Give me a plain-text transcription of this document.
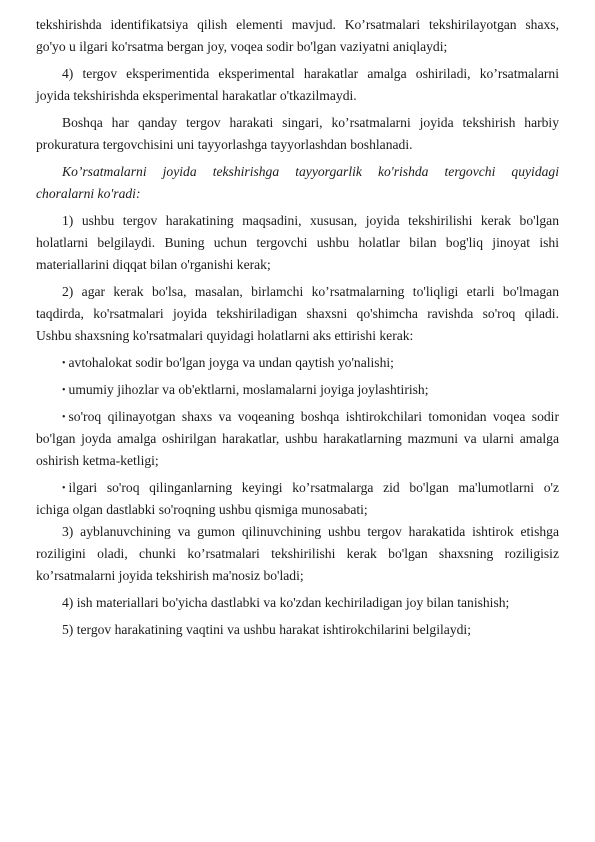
tekshirishda identifikatsiya qilish elementi mavjud. Ko’rsatmalari tekshirilayotgan shaxs,
go'yo u ilgari ko'rsatma bergan joy, voqea sodir bo'lgan vaziyatni aniqlaydi;
4) tergov eksperimentida eksperimental harakatlar amalga oshiriladi, ko’rsatmalarni
joyida tekshirishda eksperimental harakatlar o'tkazilmaydi.
Boshqa har qanday tergov harakati singari, ko’rsatmalarni joyida tekshirish harbiy
prokuratura tergovchisini uni tayyorlashga tayyorlashdan boshlanadi.
Ko’rsatmalarni joyida tekshirishga tayyorgarlik ko'rishda tergovchi quyidagi
choralarni ko'radi:
1) ushbu tergov harakatining maqsadini, xususan, joyida tekshirilishi kerak bo'lgan
holatlarni belgilaydi. Buning uchun tergovchi ushbu holatlar bilan bog'liq jinoyat ishi
materiallarini diqqat bilan o'rganishi kerak;
2) agar kerak bo'lsa, masalan, birlamchi ko’rsatmalarning to'liqligi etarli bo'lmagan
taqdirda, ko'rsatmalari joyida tekshiriladigan shaxsni qo'shimcha ravishda so'roq qiladi.
Ushbu shaxsning ko'rsatmalari quyidagi holatlarni aks ettirishi kerak:
• avtohalokat sodir bo'lgan joyga va undan qaytish yo'nalishi;
• umumiy jihozlar va ob'ektlarni, moslamalarni joyiga joylashtirish;
• so'roq qilinayotgan shaxs va voqeaning boshqa ishtirokchilari tomonidan voqea sodir
bo'lgan joyda amalga oshirilgan harakatlar, ushbu harakatlarning mazmuni va ularni amalga
oshirish ketma-ketligi;
• ilgari so'roq qilinganlarning keyingi ko’rsatmalarga zid bo'lgan ma'lumotlarni o'z
ichiga olgan dastlabki so'roqning ushbu qismiga munosabati;
3) ayblanuvchining va gumon qilinuvchining ushbu tergov harakatida ishtirok etishga
roziligini oladi, chunki ko’rsatmalari tekshirilishi kerak bo'lgan shaxsning roziligisiz
ko’rsatmalarni joyida tekshirish ma'nosiz bo'ladi;
4) ish materiallari bo'yicha dastlabki va ko'zdan kechiriladigan joy bilan tanishish;
5) tergov harakatining vaqtini va ushbu harakat ishtirokchilarini belgilaydi;
